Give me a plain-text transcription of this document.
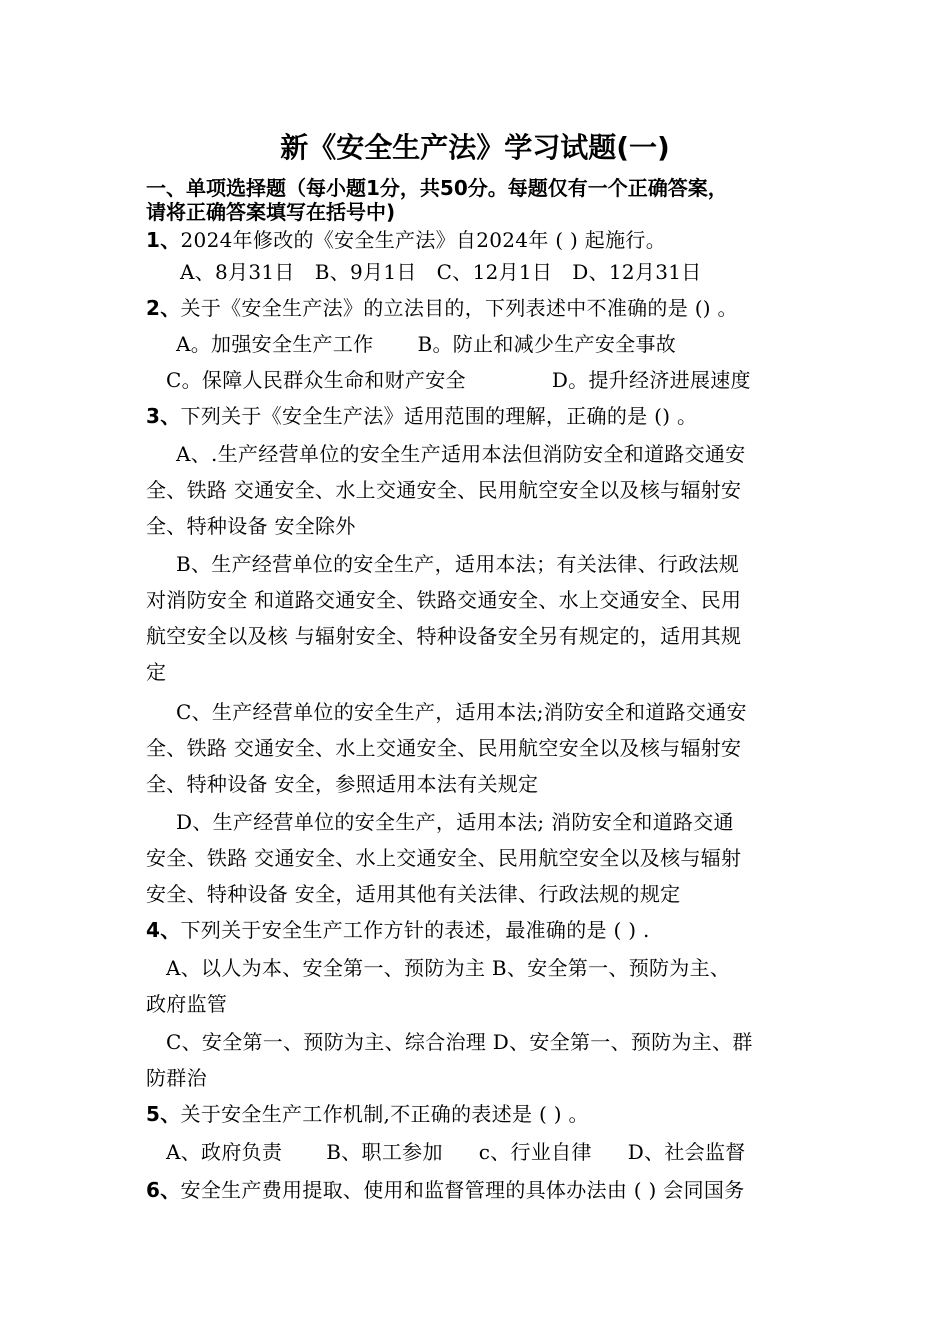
新《安全生产法》学习试题(一)
一、单项选择题（每小题1分，共50分。每题仅有一个正确答案，
请将正确答案填写在括号中)
1、2024年修改的《安全生产法》自2024年 ( ) 起施行。
A、8月31日 B、9月1日 C、12月1日 D、12月31日
2、关于《安全生产法》的立法目的，下列表述中不准确的是 () 。
A。加强安全生产工作 B。防止和减少生产安全事故
C。保障人民群众生命和财产安全	D。提升经济进展速度
3、下列关于《安全生产法》适用范围的理解，正确的是 () 。
A、.生产经营单位的安全生产适用本法但消防安全和道路交通安
全、铁路 交通安全、水上交通安全、民用航空安全以及核与辐射安
全、特种设备 安全除外
B、生产经营单位的安全生产，适用本法；有关法律、行政法规
对消防安全 和道路交通安全、铁路交通安全、水上交通安全、民用
航空安全以及核 与辐射安全、特种设备安全另有规定的，适用其规
定
C、生产经营单位的安全生产，适用本法;消防安全和道路交通安
全、铁路 交通安全、水上交通安全、民用航空安全以及核与辐射安
全、特种设备 安全，参照适用本法有关规定
D、生产经营单位的安全生产，适用本法; 消防安全和道路交通
安全、铁路 交通安全、水上交通安全、民用航空安全以及核与辐射
安全、特种设备 安全，适用其他有关法律、行政法规的规定
4、下列关于安全生产工作方针的表述，最准确的是 ( ) .
A、以人为本、安全第一、预防为主 B、安全第一、预防为主、
政府监管
C、安全第一、预防为主、综合治理 D、安全第一、预防为主、群
防群治
5、关于安全生产工作机制,不正确的表述是 ( ) 。
A、政府负责 B、职工参加 c、行业自律 D、社会监督
6、安全生产费用提取、使用和监督管理的具体办法由 ( ) 会同国务
